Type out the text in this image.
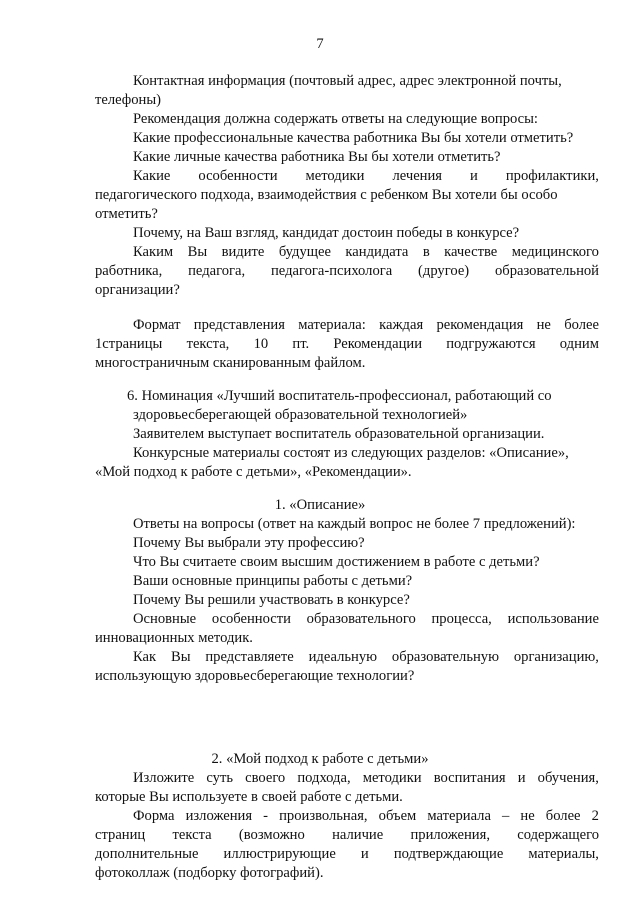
7
Контактная информация (почтовый адрес, адрес электронной почты,
телефоны)
Рекомендация должна содержать ответы на следующие вопросы:
Какие профессиональные качества работника Вы бы хотели отметить?
Какие личные качества работника Вы бы хотели отметить?
Какие особенности методики лечения и профилактики,
педагогического подхода, взаимодействия с ребенком Вы хотели бы особо
отметить?
Почему, на Ваш взгляд, кандидат достоин победы в конкурсе?
Каким Вы видите будущее кандидата в качестве медицинского
работника, педагога, педагога-психолога (другое) образовательной
организации?
Формат представления материала: каждая рекомендация не более
1страницы текста, 10 пт. Рекомендации подгружаются одним
многостраничным сканированным файлом.
6. Номинация «Лучший воспитатель-профессионал, работающий со
здоровьесберегающей образовательной технологией»
Заявителем выступает воспитатель образовательной организации.
Конкурсные материалы состоят из следующих разделов: «Описание»,
«Мой подход к работе с детьми», «Рекомендации».
1. «Описание»
Ответы на вопросы (ответ на каждый вопрос не более 7 предложений):
Почему Вы выбрали эту профессию?
Что Вы считаете своим высшим достижением в работе с детьми?
Ваши основные принципы работы с детьми?
Почему Вы решили участвовать в конкурсе?
Основные особенности образовательного процесса, использование
инновационных методик.
Как Вы представляете идеальную образовательную организацию,
использующую здоровьесберегающие технологии?
2. «Мой подход к работе с детьми»
Изложите суть своего подхода, методики воспитания и обучения,
которые Вы используете в своей работе с детьми.
Форма изложения - произвольная, объем материала – не более 2
страниц текста (возможно наличие приложения, содержащего
дополнительные иллюстрирующие и подтверждающие материалы,
фотоколлаж (подборку фотографий).
